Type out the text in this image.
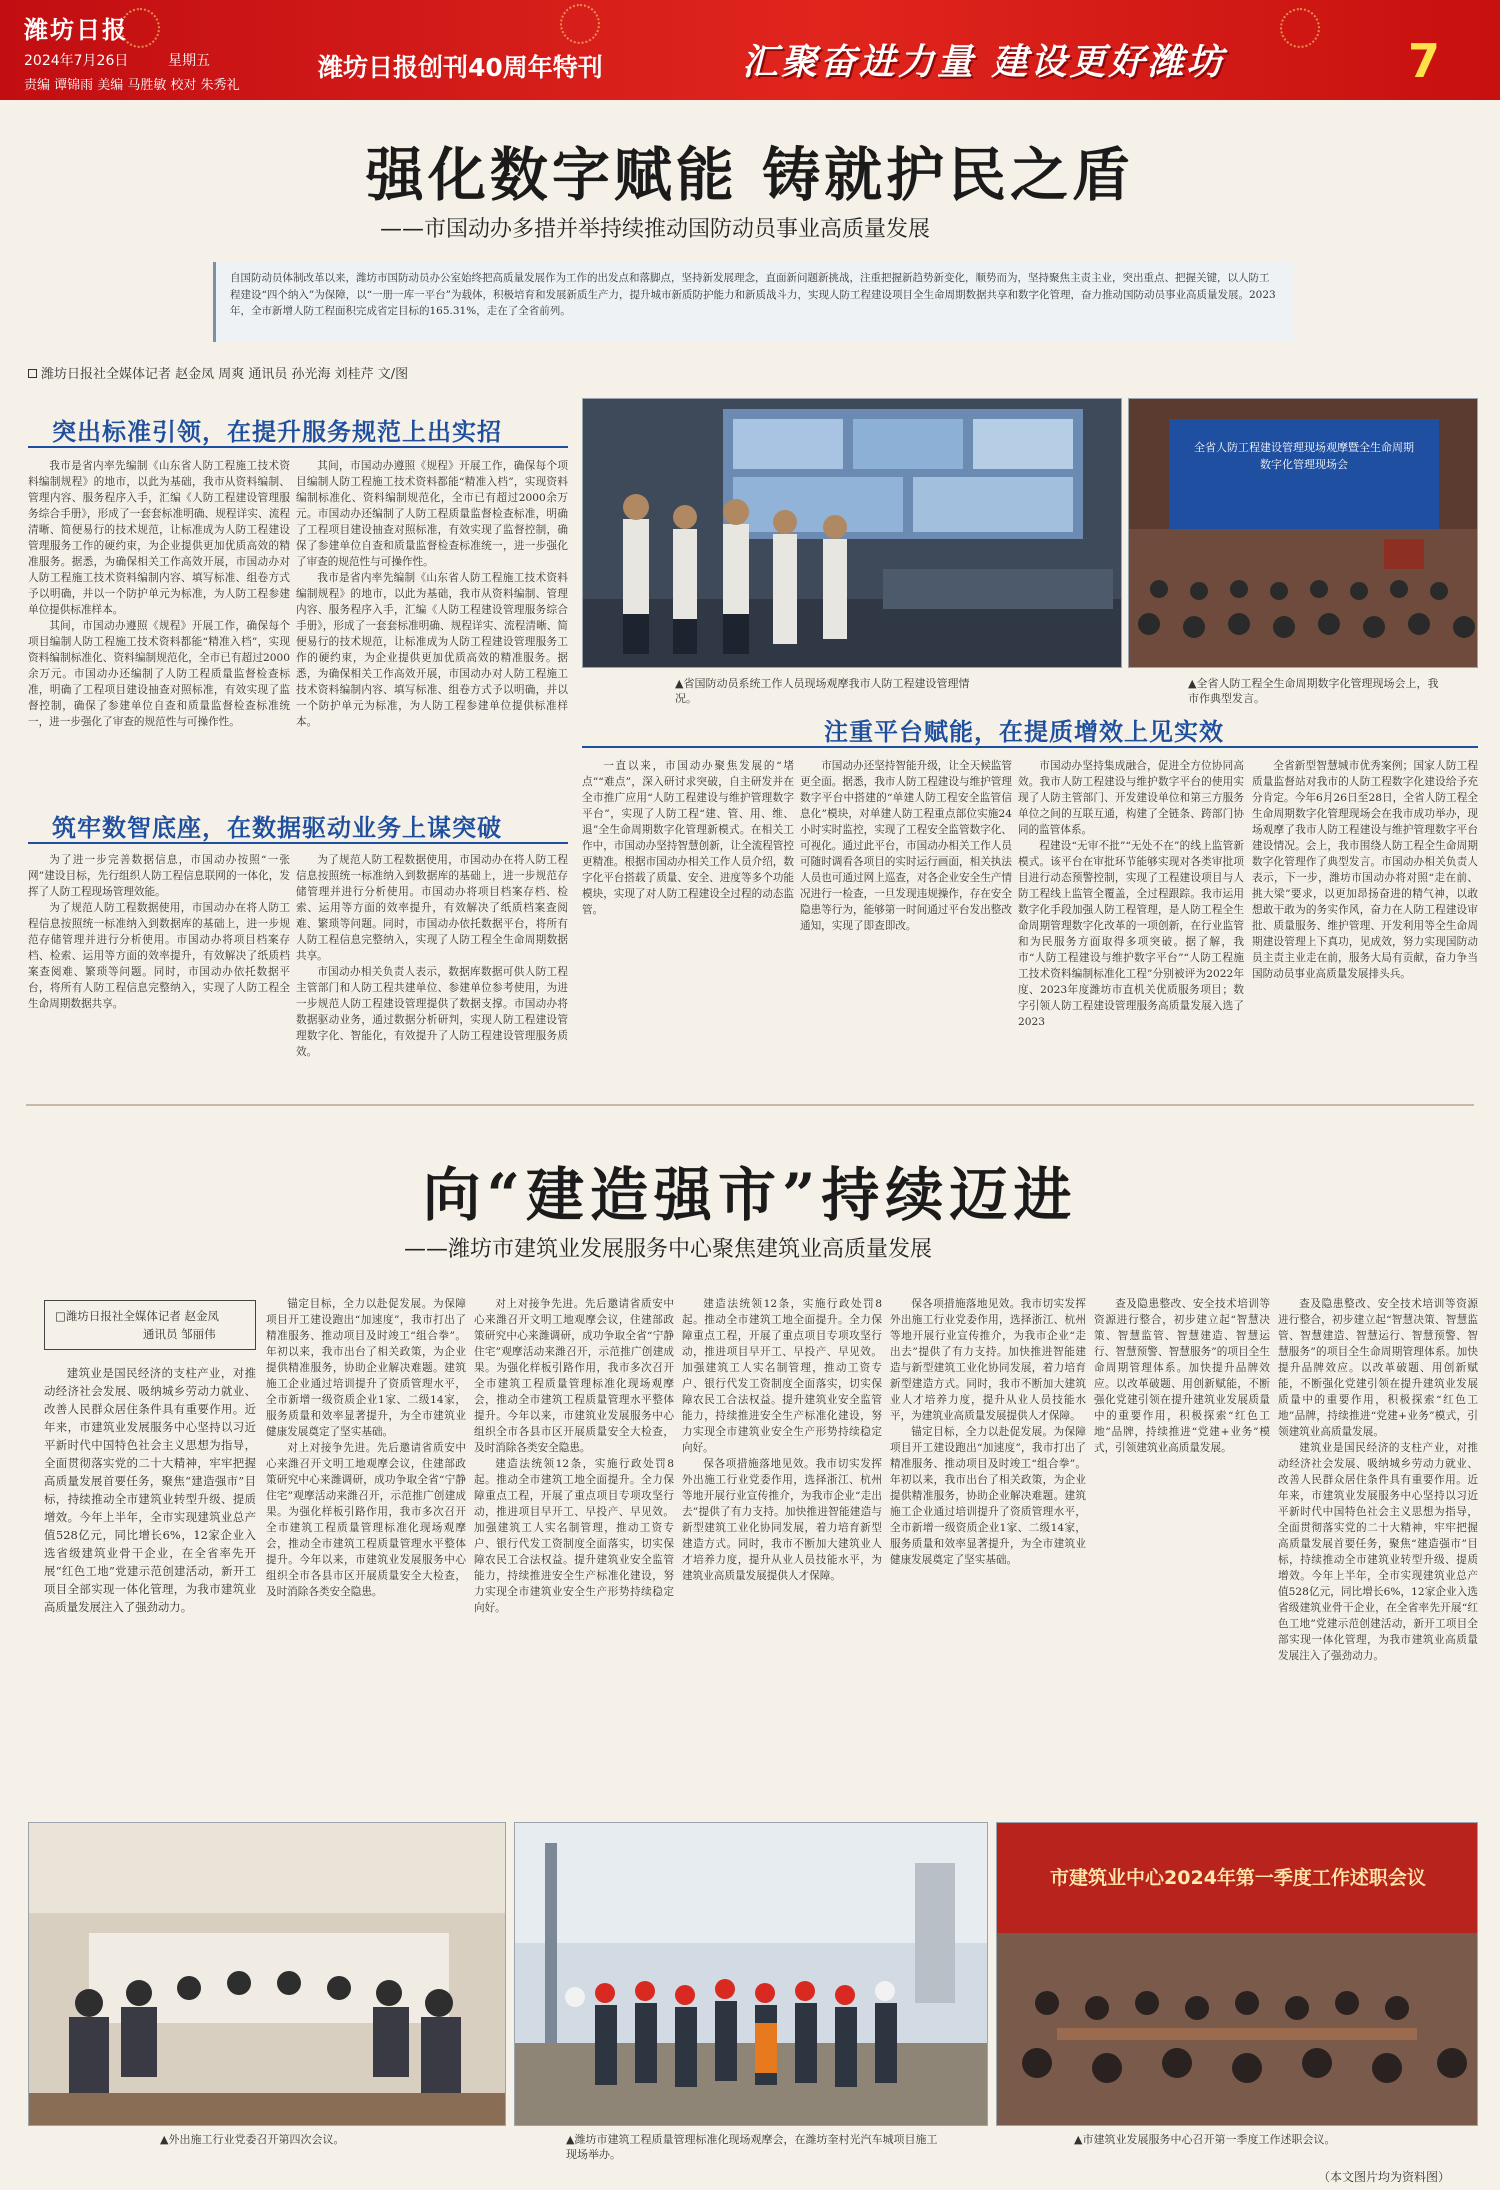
潍坊日报
2024年7月26日	星期五
责编 谭锦雨 美编 马胜敏 校对 朱秀礼
潍坊日报创刊40周年特刊	汇聚奋进力量 建设更好潍坊	7
强化数字赋能 铸就护民之盾
——市国动办多措并举持续推动国防动员事业高质量发展
自国防动员体制改革以来，潍坊市国防动员办公室始终把高质量发展作为工作的出发点和落脚点，坚持新发展理念，直面新问题新挑战，注重把握新趋势新变化，顺势而为，坚持聚焦主责主业，突出重点、把握关键，以人防工程建设“四个纳入”为保障，以“一册一库一平台”为载体，积极培育和发展新质生产力，提升城市新质防护能力和新质战斗力，实现人防工程建设项目全生命周期数据共享和数字化管理，奋力推动国防动员事业高质量发展。2023年，全市新增人防工程面积完成省定目标的165.31%，走在了全省前列。
潍坊日报社全媒体记者 赵金凤 周爽 通讯员 孙光海 刘桂芹 文/图
突出标准引领，在提升服务规范上出实招

我市是省内率先编制《山东省人防工程施工技术资料编制规程》的地市，以此为基础，我市从资料编制、管理内容、服务程序入手，汇编《人防工程建设管理服务综合手册》，形成了一套套标准明确、规程详实、流程清晰、简便易行的技术规范，让标准成为人防工程建设管理服务工作的硬约束，为企业提供更加优质高效的精准服务。据悉，为确保相关工作高效开展，市国动办对人防工程施工技术资料编制内容、填写标准、组卷方式予以明确，并以一个防护单元为标准，为人防工程参建单位提供标准样本。

其间，市国动办遵照《规程》开展工作，确保每个项目编制人防工程施工技术资料都能“精准入档”，实现资料编制标准化、资料编制规范化，全市已有超过2000余万元。市国动办还编制了人防工程质量监督检查标准，明确了工程项目建设抽查对照标准，有效实现了监督控制，确保了参建单位自查和质量监督检查标准统一，进一步强化了审查的规范性与可操作性。

其间，市国动办遵照《规程》开展工作，确保每个项目编制人防工程施工技术资料都能“精准入档”，实现资料编制标准化、资料编制规范化，全市已有超过2000余万元。市国动办还编制了人防工程质量监督检查标准，明确了工程项目建设抽查对照标准，有效实现了监督控制，确保了参建单位自查和质量监督检查标准统一，进一步强化了审查的规范性与可操作性。

我市是省内率先编制《山东省人防工程施工技术资料编制规程》的地市，以此为基础，我市从资料编制、管理内容、服务程序入手，汇编《人防工程建设管理服务综合手册》，形成了一套套标准明确、规程详实、流程清晰、简便易行的技术规范，让标准成为人防工程建设管理服务工作的硬约束，为企业提供更加优质高效的精准服务。据悉，为确保相关工作高效开展，市国动办对人防工程施工技术资料编制内容、填写标准、组卷方式予以明确，并以一个防护单元为标准，为人防工程参建单位提供标准样本。

▲省国防动员系统工作人员现场观摩我市人防工程建设管理情况。
全省人防工程建设管理现场观摩暨全生命周期数字化管理现场会
▲全省人防工程全生命周期数字化管理现场会上，我市作典型发言。
注重平台赋能，在提质增效上见实效
筑牢数智底座，在数据驱动业务上谋突破

为了进一步完善数据信息，市国动办按照“一张网”建设目标，先行组织人防工程信息联网的一体化，发挥了人防工程现场管理效能。

为了规范人防工程数据使用，市国动办在将人防工程信息按照统一标准纳入到数据库的基础上，进一步规范存储管理并进行分析使用。市国动办将项目档案存档、检索、运用等方面的效率提升，有效解决了纸质档案查阅难、繁琐等问题。同时，市国动办依托数据平台，将所有人防工程信息完整纳入，实现了人防工程全生命周期数据共享。

为了规范人防工程数据使用，市国动办在将人防工程信息按照统一标准纳入到数据库的基础上，进一步规范存储管理并进行分析使用。市国动办将项目档案存档、检索、运用等方面的效率提升，有效解决了纸质档案查阅难、繁琐等问题。同时，市国动办依托数据平台，将所有人防工程信息完整纳入，实现了人防工程全生命周期数据共享。

市国动办相关负责人表示，数据库数据可供人防工程主管部门和人防工程共建单位、参建单位参考使用，为进一步规范人防工程建设管理提供了数据支撑。市国动办将数据驱动业务，通过数据分析研判，实现人防工程建设管理数字化、智能化，有效提升了人防工程建设管理服务质效。

一直以来，市国动办聚焦发展的“堵点”“难点”，深入研讨求突破，自主研发并在全市推广应用“人防工程建设与维护管理数字平台”，实现了人防工程“建、管、用、维、退”全生命周期数字化管理新模式。在相关工作中，市国动办坚持智慧创新，让全流程管控更精准。根据市国动办相关工作人员介绍，数字化平台搭载了质量、安全、进度等多个功能模块，实现了对人防工程建设全过程的动态监管。

市国动办还坚持智能升级，让全天候监管更全面。据悉，我市人防工程建设与维护管理数字平台中搭建的“单建人防工程安全监管信息化”模块，对单建人防工程重点部位实施24小时实时监控，实现了工程安全监管数字化、可视化。通过此平台，市国动办相关工作人员可随时调看各项目的实时运行画面，相关执法人员也可通过网上巡查，对各企业安全生产情况进行一检查，一旦发现违规操作，存在安全隐患等行为，能够第一时间通过平台发出整改通知，实现了即查即改。

市国动办坚持集成融合，促进全方位协同高效。我市人防工程建设与维护数字平台的使用实现了人防主管部门、开发建设单位和第三方服务单位之间的互联互通，构建了全链条、跨部门协同的监管体系。

程建设“无审不批”“无处不在”的线上监管新模式。该平台在审批环节能够实现对各类审批项目进行动态预警控制，实现了工程建设项目与人防工程线上监管全覆盖，全过程跟踪。我市运用数字化手段加强人防工程管理，是人防工程全生命周期管理数字化改革的一项创新，在行业监管和为民服务方面取得多项突破。据了解，我市“人防工程建设与维护数字平台”“人防工程施工技术资料编制标准化工程”分别被评为2022年度、2023年度潍坊市直机关优质服务项目；数字引领人防工程建设管理服务高质量发展入选了2023

全省新型智慧城市优秀案例；国家人防工程质量监督站对我市的人防工程数字化建设给予充分肯定。今年6月26日至28日，全省人防工程全生命周期数字化管理现场会在我市成功举办，现场观摩了我市人防工程建设与维护管理数字平台建设情况。会上，我市围绕人防工程全生命周期数字化管理作了典型发言。市国动办相关负责人表示，下一步，潍坊市国动办将对照“走在前、挑大梁”要求，以更加昂扬奋进的精气神，以敢想敢干敢为的务实作风，奋力在人防工程建设审批、质量服务、维护管理、开发利用等全生命周期建设管理上下真功，见成效，努力实现国防动员主责主业走在前，服务大局有贡献，奋力争当国防动员事业高质量发展排头兵。

向“建造强市”持续迈进
——潍坊市建筑业发展服务中心聚焦建筑业高质量发展
□潍坊日报社全媒体记者 赵金凤
通讯员 邹丽伟

建筑业是国民经济的支柱产业，对推动经济社会发展、吸纳城乡劳动力就业、改善人民群众居住条件具有重要作用。近年来，市建筑业发展服务中心坚持以习近平新时代中国特色社会主义思想为指导，全面贯彻落实党的二十大精神，牢牢把握高质量发展首要任务，聚焦“建造强市”目标，持续推动全市建筑业转型升级、提质增效。今年上半年，全市实现建筑业总产值528亿元，同比增长6%，12家企业入选省级建筑业骨干企业，在全省率先开展“红色工地”党建示范创建活动，新开工项目全部实现一体化管理，为我市建筑业高质量发展注入了强劲动力。

锚定目标，全力以赴促发展。为保障项目开工建设跑出“加速度”，我市打出了精准服务、推动项目及时竣工“组合拳”。年初以来，我市出台了相关政策，为企业提供精准服务，协助企业解决难题。建筑施工企业通过培训提升了资质管理水平，全市新增一级资质企业1家、二级14家，服务质量和效率显著提升，为全市建筑业健康发展奠定了坚实基础。

对上对接争先进。先后邀请省质安中心来潍召开文明工地观摩会议，住建部政策研究中心来潍调研，成功争取全省“宁静住宅”观摩活动来潍召开，示范推广创建成果。为强化样板引路作用，我市多次召开全市建筑工程质量管理标准化现场观摩会，推动全市建筑工程质量管理水平整体提升。今年以来，市建筑业发展服务中心组织全市各县市区开展质量安全大检查，及时消除各类安全隐患。

对上对接争先进。先后邀请省质安中心来潍召开文明工地观摩会议，住建部政策研究中心来潍调研，成功争取全省“宁静住宅”观摩活动来潍召开，示范推广创建成果。为强化样板引路作用，我市多次召开全市建筑工程质量管理标准化现场观摩会，推动全市建筑工程质量管理水平整体提升。今年以来，市建筑业发展服务中心组织全市各县市区开展质量安全大检查，及时消除各类安全隐患。

建造法统领12条，实施行政处罚8起。推动全市建筑工地全面提升。全力保障重点工程，开展了重点项目专项攻坚行动，推进项目早开工、早投产、早见效。加强建筑工人实名制管理，推动工资专户、银行代发工资制度全面落实，切实保障农民工合法权益。提升建筑业安全监管能力，持续推进安全生产标准化建设，努力实现全市建筑业安全生产形势持续稳定向好。

建造法统领12条，实施行政处罚8起。推动全市建筑工地全面提升。全力保障重点工程，开展了重点项目专项攻坚行动，推进项目早开工、早投产、早见效。加强建筑工人实名制管理，推动工资专户、银行代发工资制度全面落实，切实保障农民工合法权益。提升建筑业安全监管能力，持续推进安全生产标准化建设，努力实现全市建筑业安全生产形势持续稳定向好。

保各项措施落地见效。我市切实发挥外出施工行业党委作用，选择浙江、杭州等地开展行业宣传推介，为我市企业“走出去”提供了有力支持。加快推进智能建造与新型建筑工业化协同发展，着力培育新型建造方式。同时，我市不断加大建筑业人才培养力度，提升从业人员技能水平，为建筑业高质量发展提供人才保障。

保各项措施落地见效。我市切实发挥外出施工行业党委作用，选择浙江、杭州等地开展行业宣传推介，为我市企业“走出去”提供了有力支持。加快推进智能建造与新型建筑工业化协同发展，着力培育新型建造方式。同时，我市不断加大建筑业人才培养力度，提升从业人员技能水平，为建筑业高质量发展提供人才保障。

锚定目标，全力以赴促发展。为保障项目开工建设跑出“加速度”，我市打出了精准服务、推动项目及时竣工“组合拳”。年初以来，我市出台了相关政策，为企业提供精准服务，协助企业解决难题。建筑施工企业通过培训提升了资质管理水平，全市新增一级资质企业1家、二级14家，服务质量和效率显著提升，为全市建筑业健康发展奠定了坚实基础。

查及隐患整改、安全技术培训等资源进行整合，初步建立起“智慧决策、智慧监管、智慧建造、智慧运行、智慧预警、智慧服务”的项目全生命周期管理体系。加快提升品牌效应。以改革破题、用创新赋能，不断强化党建引领在提升建筑业发展质量中的重要作用，积极探索“红色工地”品牌，持续推进“党建+业务”模式，引领建筑业高质量发展。

查及隐患整改、安全技术培训等资源进行整合，初步建立起“智慧决策、智慧监管、智慧建造、智慧运行、智慧预警、智慧服务”的项目全生命周期管理体系。加快提升品牌效应。以改革破题、用创新赋能，不断强化党建引领在提升建筑业发展质量中的重要作用，积极探索“红色工地”品牌，持续推进“党建+业务”模式，引领建筑业高质量发展。

建筑业是国民经济的支柱产业，对推动经济社会发展、吸纳城乡劳动力就业、改善人民群众居住条件具有重要作用。近年来，市建筑业发展服务中心坚持以习近平新时代中国特色社会主义思想为指导，全面贯彻落实党的二十大精神，牢牢把握高质量发展首要任务，聚焦“建造强市”目标，持续推动全市建筑业转型升级、提质增效。今年上半年，全市实现建筑业总产值528亿元，同比增长6%，12家企业入选省级建筑业骨干企业，在全省率先开展“红色工地”党建示范创建活动，新开工项目全部实现一体化管理，为我市建筑业高质量发展注入了强劲动力。

▲外出施工行业党委召开第四次会议。	▲潍坊市建筑工程质量管理标准化现场观摩会，在潍坊奎村光汽车城项目施工现场举办。
市建筑业中心2024年第一季度工作述职会议
▲市建筑业发展服务中心召开第一季度工作述职会议。
（本文图片均为资料图）
